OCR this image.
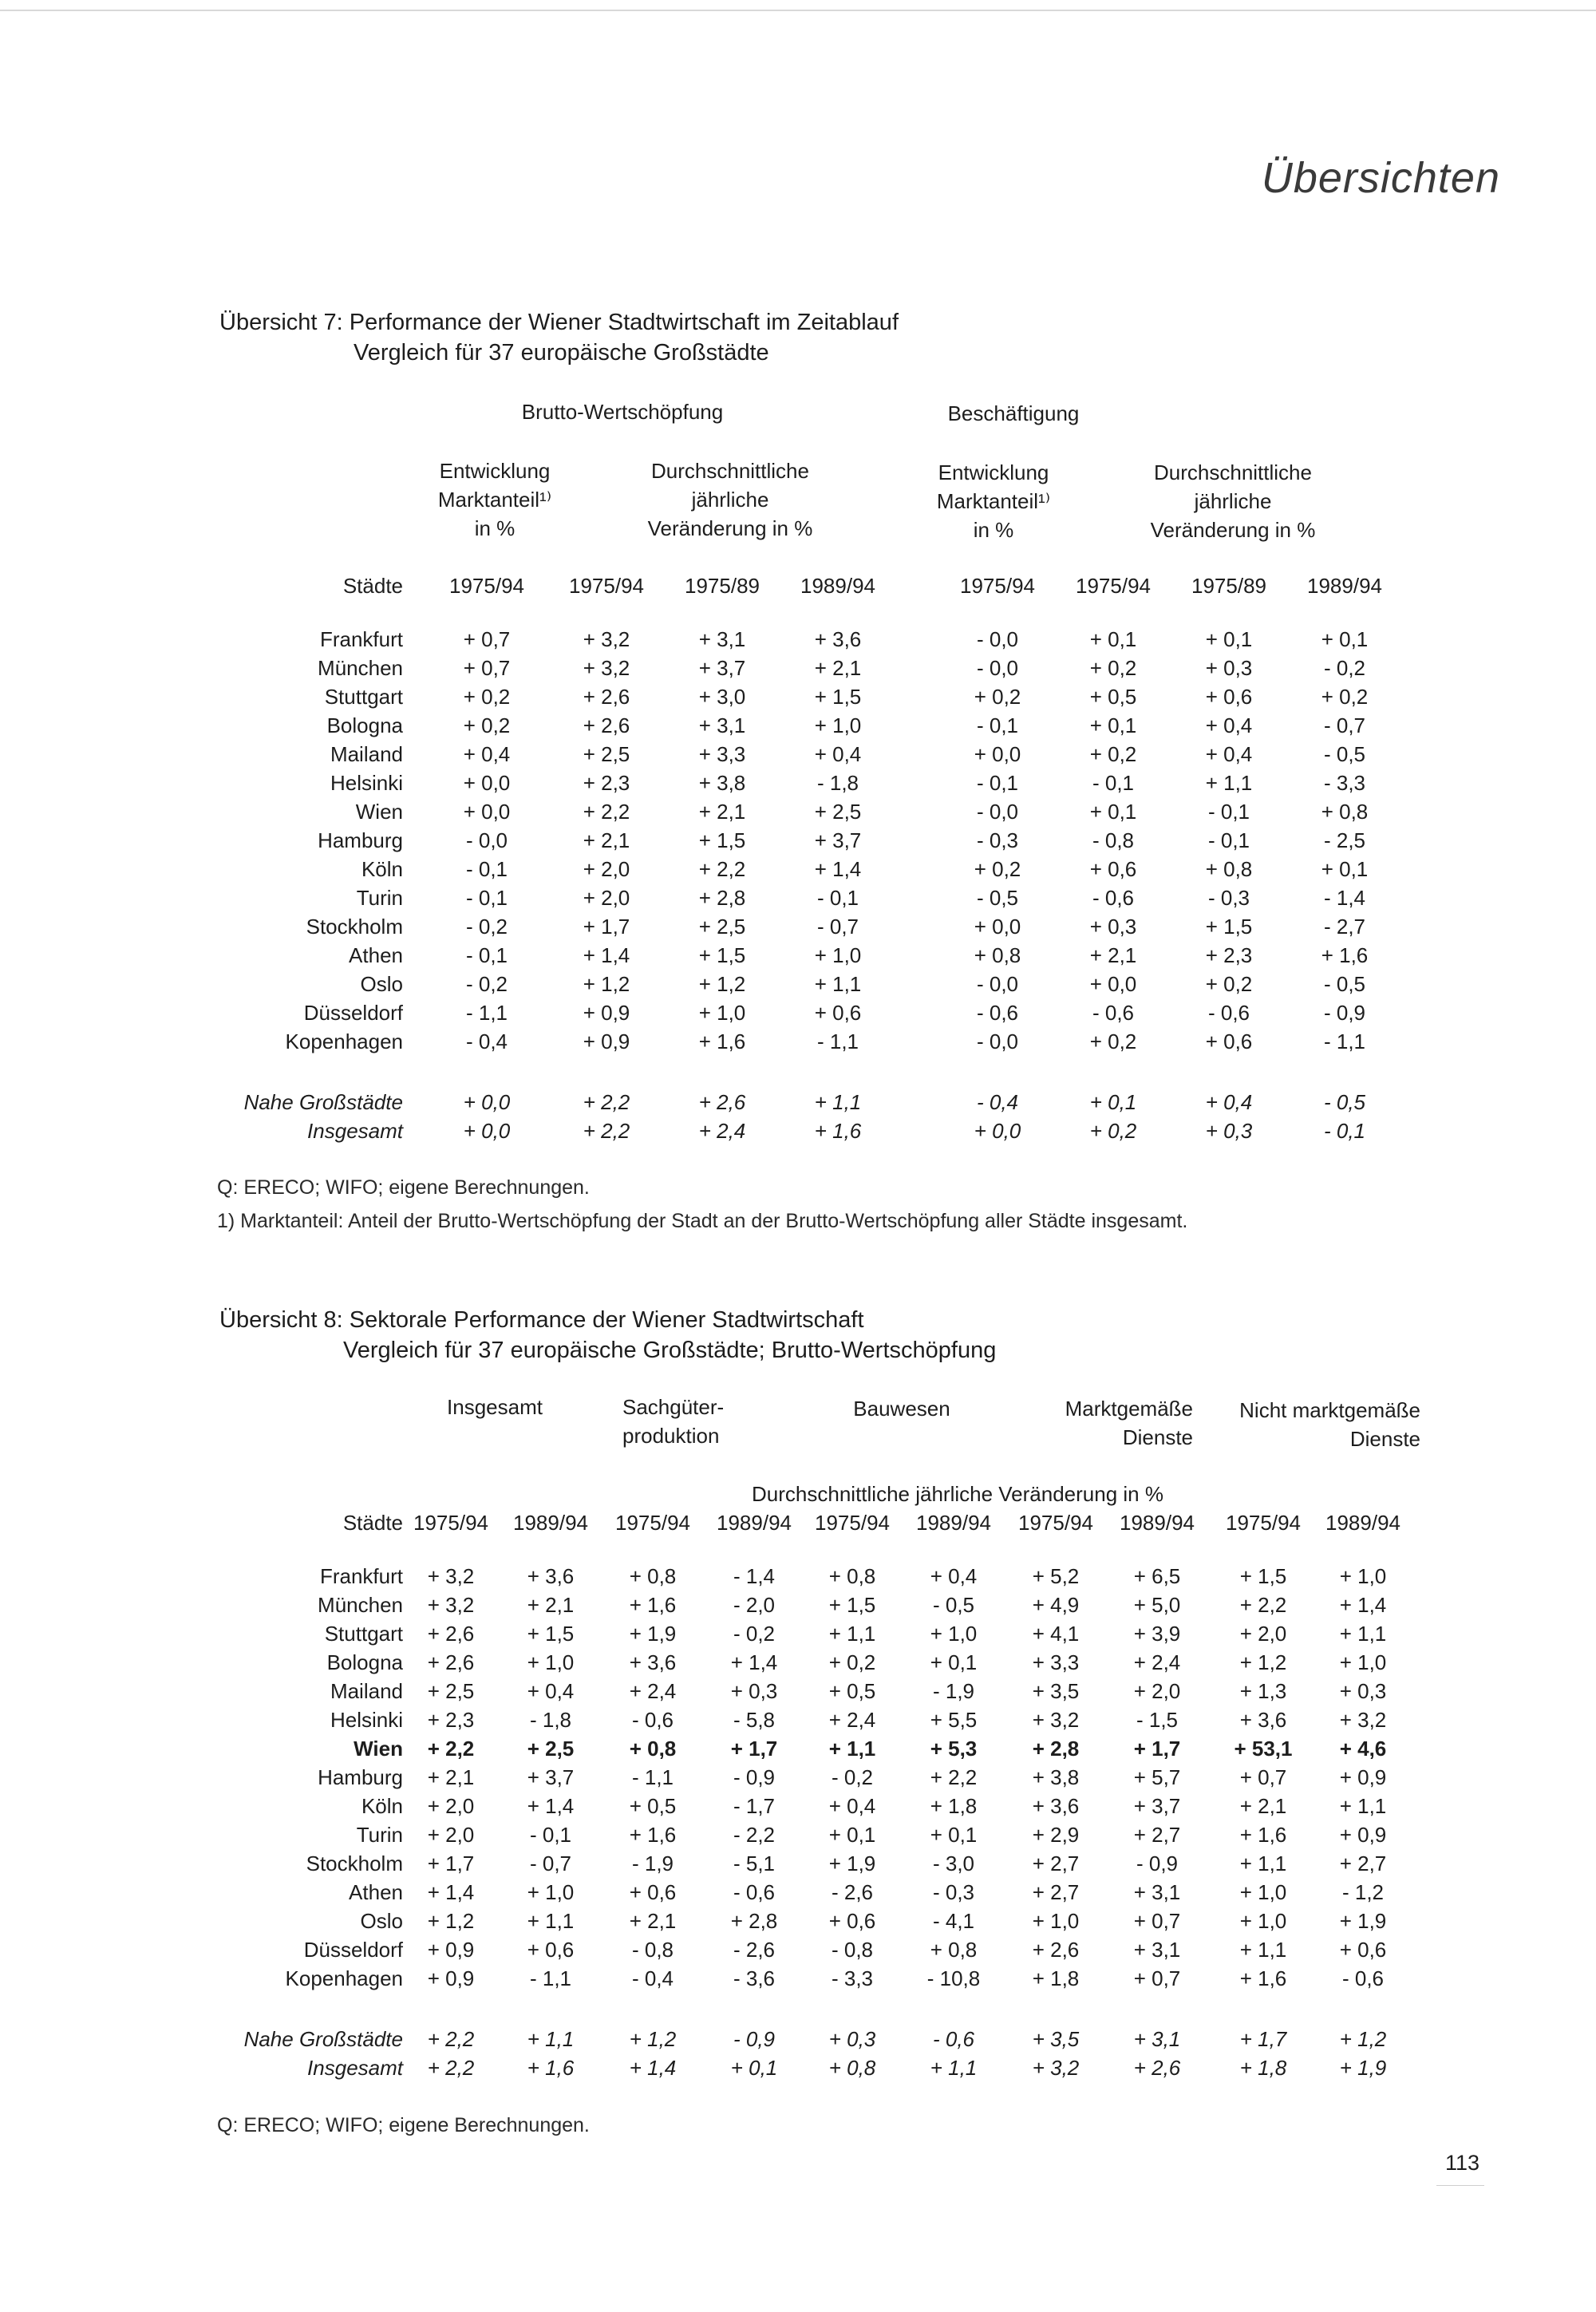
Übersichten
Übersicht 7: Performance der Wiener Stadtwirtschaft im Zeitablauf
Vergleich für 37 europäische Großstädte
Brutto-Wertschöpfung	Beschäftigung
Entwicklung
Marktanteil¹⁾
in %
Durchschnittliche
jährliche
Veränderung in %
Entwicklung
Marktanteil¹⁾
in %
Durchschnittliche
jährliche
Veränderung in %
Städte	1975/94	1975/94	1975/89	1989/94	1975/94	1975/94	1975/89	1989/94
Frankfurt	+ 0,7	+ 3,2	+ 3,1	+ 3,6	- 0,0	+ 0,1	+ 0,1	+ 0,1
München	+ 0,7	+ 3,2	+ 3,7	+ 2,1	- 0,0	+ 0,2	+ 0,3	- 0,2
Stuttgart	+ 0,2	+ 2,6	+ 3,0	+ 1,5	+ 0,2	+ 0,5	+ 0,6	+ 0,2
Bologna	+ 0,2	+ 2,6	+ 3,1	+ 1,0	- 0,1	+ 0,1	+ 0,4	- 0,7
Mailand	+ 0,4	+ 2,5	+ 3,3	+ 0,4	+ 0,0	+ 0,2	+ 0,4	- 0,5
Helsinki	+ 0,0	+ 2,3	+ 3,8	- 1,8	- 0,1	- 0,1	+ 1,1	- 3,3
Wien	+ 0,0	+ 2,2	+ 2,1	+ 2,5	- 0,0	+ 0,1	- 0,1	+ 0,8
Hamburg	- 0,0	+ 2,1	+ 1,5	+ 3,7	- 0,3	- 0,8	- 0,1	- 2,5
Köln	- 0,1	+ 2,0	+ 2,2	+ 1,4	+ 0,2	+ 0,6	+ 0,8	+ 0,1
Turin	- 0,1	+ 2,0	+ 2,8	- 0,1	- 0,5	- 0,6	- 0,3	- 1,4
Stockholm	- 0,2	+ 1,7	+ 2,5	- 0,7	+ 0,0	+ 0,3	+ 1,5	- 2,7
Athen	- 0,1	+ 1,4	+ 1,5	+ 1,0	+ 0,8	+ 2,1	+ 2,3	+ 1,6
Oslo	- 0,2	+ 1,2	+ 1,2	+ 1,1	- 0,0	+ 0,0	+ 0,2	- 0,5
Düsseldorf	- 1,1	+ 0,9	+ 1,0	+ 0,6	- 0,6	- 0,6	- 0,6	- 0,9
Kopenhagen	- 0,4	+ 0,9	+ 1,6	- 1,1	- 0,0	+ 0,2	+ 0,6	- 1,1
Nahe Großstädte	+ 0,0	+ 2,2	+ 2,6	+ 1,1	- 0,4	+ 0,1	+ 0,4	- 0,5
Insgesamt	+ 0,0	+ 2,2	+ 2,4	+ 1,6	+ 0,0	+ 0,2	+ 0,3	- 0,1
Q: ERECO; WIFO; eigene Berechnungen.
1) Marktanteil: Anteil der Brutto-Wertschöpfung der Stadt an der Brutto-Wertschöpfung aller Städte insgesamt.
Übersicht 8: Sektorale Performance der Wiener Stadtwirtschaft
Vergleich für 37 europäische Großstädte; Brutto-Wertschöpfung
Insgesamt	Sachgüter-
produktion
Bauwesen	Marktgemäße
Dienste
Nicht marktgemäße
Dienste
Durchschnittliche jährliche Veränderung in %
Städte 1975/94	1989/94	1975/94	1989/94	1975/94	1989/94	1975/94	1989/94	1975/94	1989/94
Frankfurt	+ 3,2	+ 3,6	+ 0,8	- 1,4	+ 0,8	+ 0,4	+ 5,2	+ 6,5	+ 1,5	+ 1,0
München	+ 3,2	+ 2,1	+ 1,6	- 2,0	+ 1,5	- 0,5	+ 4,9	+ 5,0	+ 2,2	+ 1,4
Stuttgart	+ 2,6	+ 1,5	+ 1,9	- 0,2	+ 1,1	+ 1,0	+ 4,1	+ 3,9	+ 2,0	+ 1,1
Bologna	+ 2,6	+ 1,0	+ 3,6	+ 1,4	+ 0,2	+ 0,1	+ 3,3	+ 2,4	+ 1,2	+ 1,0
Mailand	+ 2,5	+ 0,4	+ 2,4	+ 0,3	+ 0,5	- 1,9	+ 3,5	+ 2,0	+ 1,3	+ 0,3
Helsinki	+ 2,3	- 1,8	- 0,6	- 5,8	+ 2,4	+ 5,5	+ 3,2	- 1,5	+ 3,6	+ 3,2
Wien	+ 2,2	+ 2,5	+ 0,8	+ 1,7	+ 1,1	+ 5,3	+ 2,8	+ 1,7	+ 53,1	+ 4,6
Hamburg	+ 2,1	+ 3,7	- 1,1	- 0,9	- 0,2	+ 2,2	+ 3,8	+ 5,7	+ 0,7	+ 0,9
Köln	+ 2,0	+ 1,4	+ 0,5	- 1,7	+ 0,4	+ 1,8	+ 3,6	+ 3,7	+ 2,1	+ 1,1
Turin	+ 2,0	- 0,1	+ 1,6	- 2,2	+ 0,1	+ 0,1	+ 2,9	+ 2,7	+ 1,6	+ 0,9
Stockholm	+ 1,7	- 0,7	- 1,9	- 5,1	+ 1,9	- 3,0	+ 2,7	- 0,9	+ 1,1	+ 2,7
Athen	+ 1,4	+ 1,0	+ 0,6	- 0,6	- 2,6	- 0,3	+ 2,7	+ 3,1	+ 1,0	- 1,2
Oslo	+ 1,2	+ 1,1	+ 2,1	+ 2,8	+ 0,6	- 4,1	+ 1,0	+ 0,7	+ 1,0	+ 1,9
Düsseldorf	+ 0,9	+ 0,6	- 0,8	- 2,6	- 0,8	+ 0,8	+ 2,6	+ 3,1	+ 1,1	+ 0,6
Kopenhagen	+ 0,9	- 1,1	- 0,4	- 3,6	- 3,3	- 10,8	+ 1,8	+ 0,7	+ 1,6	- 0,6
Nahe Großstädte	+ 2,2	+ 1,1	+ 1,2	- 0,9	+ 0,3	- 0,6	+ 3,5	+ 3,1	+ 1,7	+ 1,2
Insgesamt	+ 2,2	+ 1,6	+ 1,4	+ 0,1	+ 0,8	+ 1,1	+ 3,2	+ 2,6	+ 1,8	+ 1,9
Q: ERECO; WIFO; eigene Berechnungen.
113
